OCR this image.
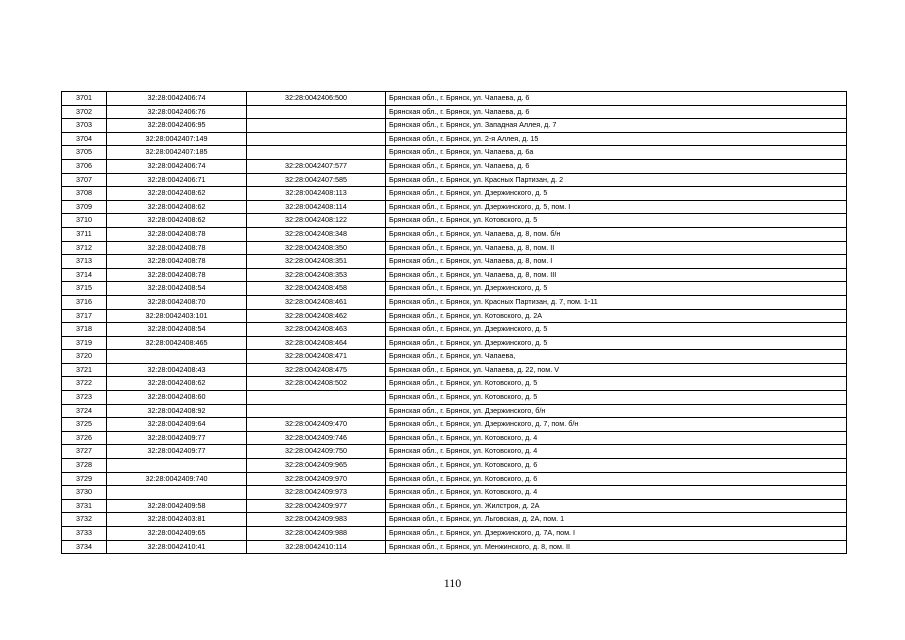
3701	32:28:0042406:74	32:28:0042406:500	Брянская обл., г. Брянск, ул. Чапаева, д. 6
3702	32:28:0042406:76		Брянская обл., г. Брянск, ул. Чапаева, д. 6
3703	32:28:0042406:95		Брянская обл., г. Брянск, ул. Западная Аллея, д. 7
3704	32:28:0042407:149		Брянская обл., г. Брянск, ул. 2-я Аллея, д. 15
3705	32:28:0042407:185		Брянская обл., г. Брянск, ул. Чапаева, д. 6а
3706	32:28:0042406:74	32:28:0042407:577	Брянская обл., г. Брянск, ул. Чапаева, д. 6
3707	32:28:0042406:71	32:28:0042407:585	Брянская обл., г. Брянск, ул. Красных Партизан, д. 2
3708	32:28:0042408:62	32:28:0042408:113	Брянская обл., г. Брянск, ул. Дзержинского, д. 5
3709	32:28:0042408:62	32:28:0042408:114	Брянская обл., г. Брянск, ул. Дзержинского, д. 5, пом. I
3710	32:28:0042408:62	32:28:0042408:122	Брянская обл., г. Брянск, ул. Котовского, д. 5
3711	32:28:0042408:78	32:28:0042408:348	Брянская обл., г. Брянск, ул. Чапаева, д. 8, пом. б/н
3712	32:28:0042408:78	32:28:0042408:350	Брянская обл., г. Брянск, ул. Чапаева, д. 8, пом. II
3713	32:28:0042408:78	32:28:0042408:351	Брянская обл., г. Брянск, ул. Чапаева, д. 8, пом. I
3714	32:28:0042408:78	32:28:0042408:353	Брянская обл., г. Брянск, ул. Чапаева, д. 8, пом. III
3715	32:28:0042408:54	32:28:0042408:458	Брянская обл., г. Брянск, ул. Дзержинского, д. 5
3716	32:28:0042408:70	32:28:0042408:461	Брянская обл., г. Брянск, ул. Красных Партизан, д. 7, пом. 1-11
3717	32:28:0042403:101	32:28:0042408:462	Брянская обл., г. Брянск, ул. Котовского, д. 2А
3718	32:28:0042408:54	32:28:0042408:463	Брянская обл., г. Брянск, ул. Дзержинского, д. 5
3719	32:28:0042408:465	32:28:0042408:464	Брянская обл., г. Брянск, ул. Дзержинского, д. 5
3720		32:28:0042408:471	Брянская обл., г. Брянск, ул. Чапаева,
3721	32:28:0042408:43	32:28:0042408:475	Брянская обл., г. Брянск, ул. Чапаева, д. 22, пом. V
3722	32:28:0042408:62	32:28:0042408:502	Брянская обл., г. Брянск, ул. Котовского, д. 5
3723	32:28:0042408:60		Брянская обл., г. Брянск, ул. Котовского, д. 5
3724	32:28:0042408:92		Брянская обл., г. Брянск, ул. Дзержинского, б/н
3725	32:28:0042409:64	32:28:0042409:470	Брянская обл., г. Брянск, ул. Дзержинского, д. 7, пом. б/н
3726	32:28:0042409:77	32:28:0042409:746	Брянская обл., г. Брянск, ул. Котовского, д. 4
3727	32:28:0042409:77	32:28:0042409:750	Брянская обл., г. Брянск, ул. Котовского, д. 4
3728		32:28:0042409:965	Брянская обл., г. Брянск, ул. Котовского, д. 6
3729	32:28:0042409:740	32:28:0042409:970	Брянская обл., г. Брянск, ул. Котовского, д. 6
3730		32:28:0042409:973	Брянская обл., г. Брянск, ул. Котовского, д. 4
3731	32:28:0042409:58	32:28:0042409:977	Брянская обл., г. Брянск, ул. Жилстроя, д. 2А
3732	32:28:0042403:81	32:28:0042409:983	Брянская обл., г. Брянск, ул. Льговская, д. 2А, пом. 1
3733	32:28:0042409:65	32:28:0042409:988	Брянская обл., г. Брянск, ул. Дзержинского, д. 7А, пом. I
3734	32:28:0042410:41	32:28:0042410:114	Брянская обл., г. Брянск, ул. Менжинского, д. 8, пом. II
110
